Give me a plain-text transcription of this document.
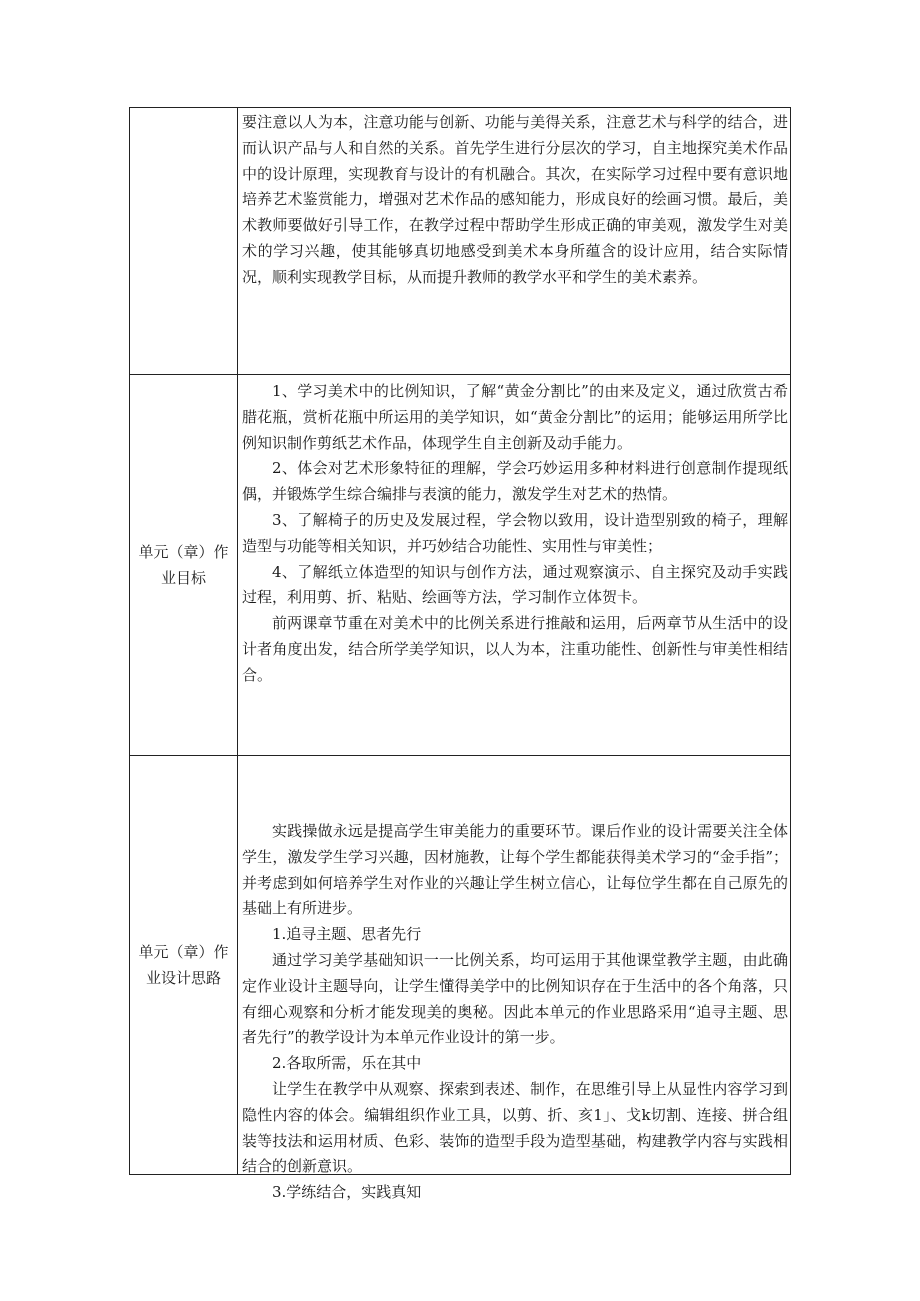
要注意以人为本，注意功能与创新、功能与美得关系，注意艺术与科学的结合，进而认识产品与人和自然的关系。首先学生进行分层次的学习，自主地探究美术作品中的设计原理，实现教育与设计的有机融合。其次，在实际学习过程中要有意识地培养艺术鉴赏能力，增强对艺术作品的感知能力，形成良好的绘画习惯。最后，美术教师要做好引导工作，在教学过程中帮助学生形成正确的审美观，激发学生对美术的学习兴趣，使其能够真切地感受到美术本身所蕴含的设计应用，结合实际情况，顺利实现教学目标，从而提升教师的教学水平和学生的美术素养。

单元（章）作业目标

1、学习美术中的比例知识，了解“黄金分割比”的由来及定义，通过欣赏古希腊花瓶，赏析花瓶中所运用的美学知识，如“黄金分割比”的运用；能够运用所学比例知识制作剪纸艺术作品，体现学生自主创新及动手能力。

2、体会对艺术形象特征的理解，学会巧妙运用多种材料进行创意制作提现纸偶，并锻炼学生综合编排与表演的能力，激发学生对艺术的热情。

3、了解椅子的历史及发展过程，学会物以致用，设计造型别致的椅子，理解造型与功能等相关知识，并巧妙结合功能性、实用性与审美性；

4、了解纸立体造型的知识与创作方法，通过观察演示、自主探究及动手实践过程，利用剪、折、粘贴、绘画等方法，学习制作立体贺卡。

前两课章节重在对美术中的比例关系进行推敲和运用，后两章节从生活中的设计者角度出发，结合所学美学知识，以人为本，注重功能性、创新性与审美性相结合。

单元（章）作业设计思路

实践操做永远是提高学生审美能力的重要环节。课后作业的设计需要关注全体学生，激发学生学习兴趣，因材施教，让每个学生都能获得美术学习的“金手指”；并考虑到如何培养学生对作业的兴趣让学生树立信心，让每位学生都在自己原先的基础上有所进步。

1.追寻主题、思者先行

通过学习美学基础知识一一比例关系，均可运用于其他课堂教学主题，由此确定作业设计主题导向，让学生懂得美学中的比例知识存在于生活中的各个角落，只有细心观察和分析才能发现美的奥秘。因此本单元的作业思路采用“追寻主题、思者先行”的教学设计为本单元作业设计的第一步。

2.各取所需，乐在其中

让学生在教学中从观察、探索到表述、制作，在思维引导上从显性内容学习到隐性内容的体会。编辑组织作业工具，以剪、折、亥1」、戈k切割、连接、拼合组装等技法和运用材质、色彩、装饰的造型手段为造型基础，构建教学内容与实践相结合的创新意识。

3.学练结合，实践真知
